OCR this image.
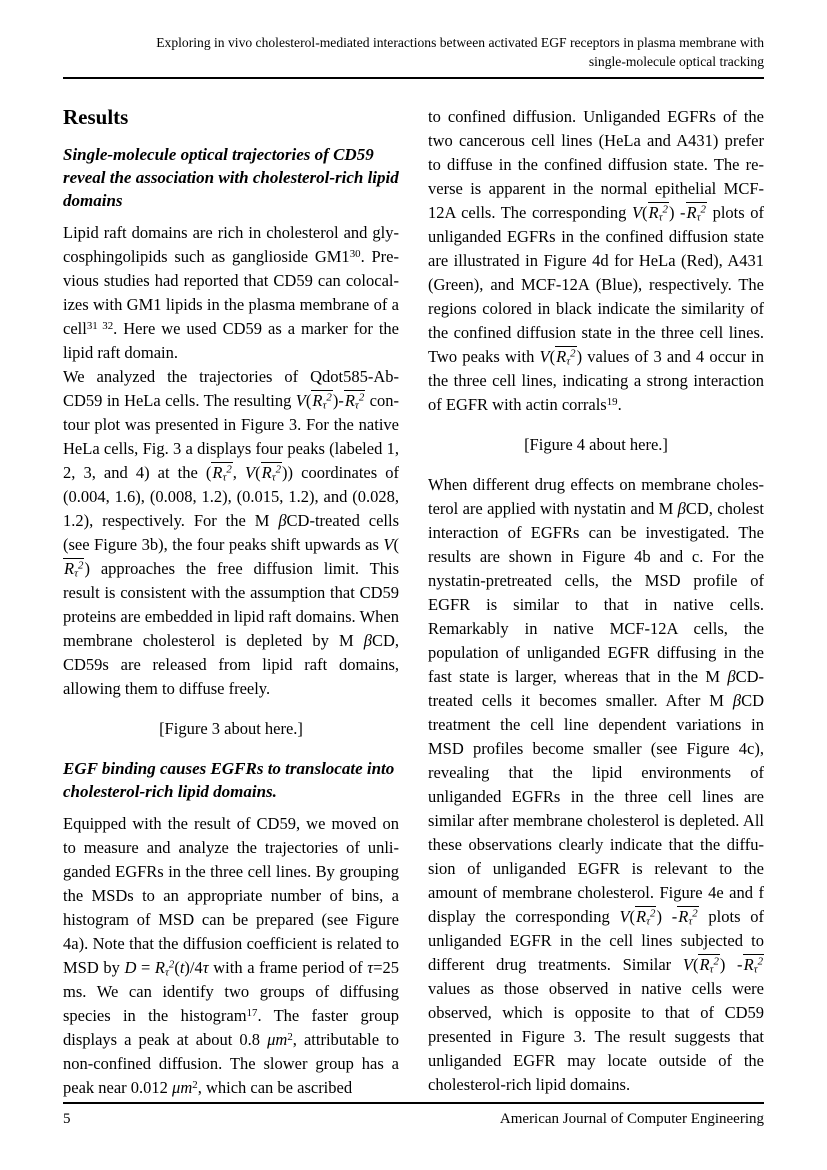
Exploring in vivo cholesterol-mediated interactions between activated EGF receptors in plasma membrane with
single-molecule optical tracking
Results
Single-molecule optical trajectories of CD59 reveal the association with cholesterol-rich lipid domains

Lipid raft domains are rich in cholesterol and glycosphingolipids such as ganglioside $GM1^{30}$. Previous studies had reported that CD59 can colocalizes with GM1 lipids in the plasma membrane of a cell$^{31 32}$. Here we used CD59 as a marker for the lipid raft domain.

We analyzed the trajectories of Qdot585-Ab-CD59 in HeLa cells. The resulting $V(R_\tau^2)-R_\tau^2$ contour plot was presented in Figure 3. For the native HeLa cells, Fig. 3 a displays four peaks (labeled 1, 2, 3, and 4) at the ($R_\tau^2$, $V(R_\tau^2)$) coordinates of (0.004, 1.6), (0.008, 1.2), (0.015, 1.2), and (0.028, 1.2), respectively. For the M βCD-treated cells (see Figure 3b), the four peaks shift upwards as $V(R_\tau^2)$ approaches the free diffusion limit. This result is consistent with the assumption that CD59 proteins are embedded in lipid raft domains. When membrane cholesterol is depleted by M βCD, CD59s are released from lipid raft domains, allowing them to diffuse freely.

[Figure 3 about here.]
EGF binding causes EGFRs to translocate into cholesterol-rich lipid domains.

Equipped with the result of CD59, we moved on to measure and analyze the trajectories of unliganded EGFRs in the three cell lines. By grouping the MSDs to an appropriate number of bins, a histogram of MSD can be prepared (see Figure 4a). Note that the diffusion coefficient is related to MSD by $D = R_\tau^2(t)/4\tau$ with a frame period of τ=25 ms. We can identify two groups of diffusing species in the histogram$^{17}$. The faster group displays a peak at about 0.8 $\mu m^2$, attributable to non-confined diffusion. The slower group has a peak near 0.012 $\mu m^2$, which can be ascribed

to confined diffusion. Unliganded EGFRs of the two cancerous cell lines (HeLa and A431) prefer to diffuse in the confined diffusion state. The reverse is apparent in the normal epithelial MCF-12A cells. The corresponding $V(R_\tau^2)$ $-R_\tau^2$ plots of unliganded EGFRs in the confined diffusion state are illustrated in Figure 4d for HeLa (Red), A431 (Green), and MCF-12A (Blue), respectively. The regions colored in black indicate the similarity of the confined diffusion state in the three cell lines. Two peaks with $V(R_\tau^2)$ values of 3 and 4 occur in the three cell lines, indicating a strong interaction of EGFR with actin corrals$^{19}$.

[Figure 4 about here.]

When different drug effects on membrane cholesterol are applied with nystatin and M βCD, cholest interaction of EGFRs can be investigated. The results are shown in Figure 4b and c. For the nystatin-pretreated cells, the MSD profile of EGFR is similar to that in native cells. Remarkably in native MCF-12A cells, the population of unliganded EGFR diffusing in the fast state is larger, whereas that in the M βCD-treated cells it becomes smaller. After M βCD treatment the cell line dependent variations in MSD profiles become smaller (see Figure 4c), revealing that the lipid environments of unliganded EGFRs in the three cell lines are similar after membrane cholesterol is depleted. All these observations clearly indicate that the diffusion of unliganded EGFR is relevant to the amount of membrane cholesterol. Figure 4e and f display the corresponding $V(R_\tau^2)$ $-R_\tau^2$ plots of unliganded EGFR in the cell lines subjected to different drug treatments. Similar $V(R_\tau^2)$ $-R_\tau^2$ values as those observed in native cells were observed, which is opposite to that of CD59 presented in Figure 3. The result suggests that unliganded EGFR may locate outside of the cholesterol-rich lipid domains.

5	American Journal of Computer Engineering
